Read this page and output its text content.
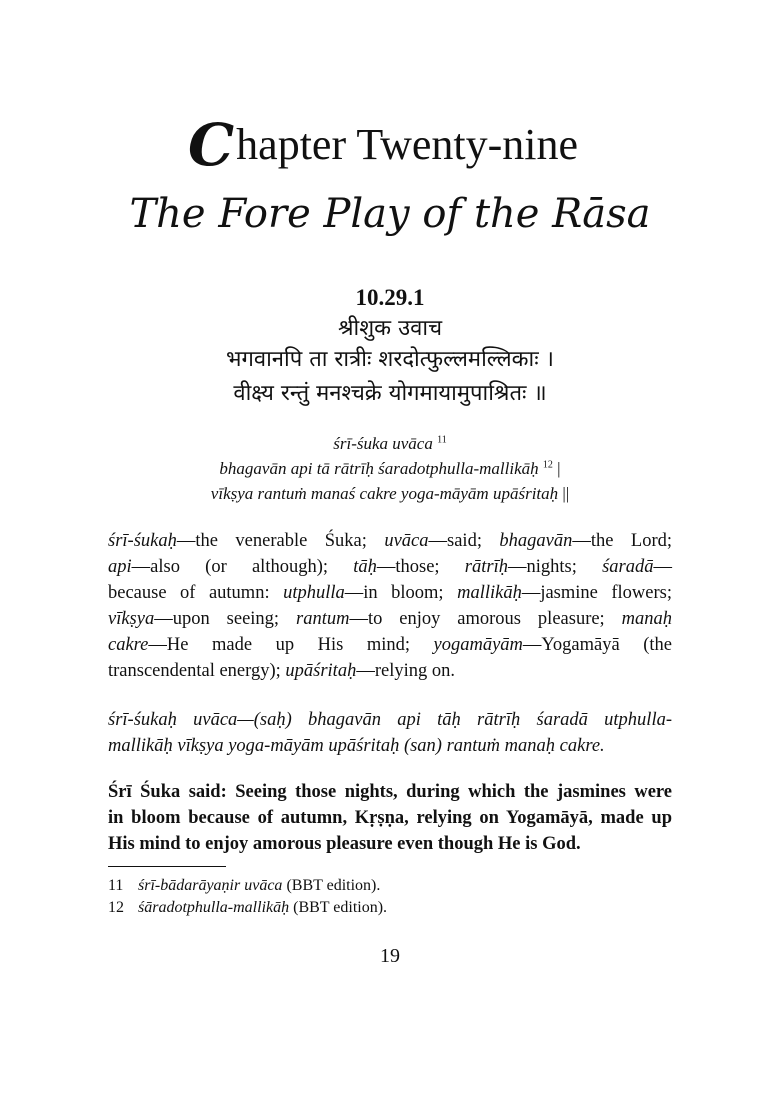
Chapter Twenty-nine
The Fore Play of the Rāsa
10.29.1
श्रीशुक उवाच
भगवानपि ता रात्रीः शरदोत्फुल्लमल्लिकाः ।
वीक्ष्य रन्तुं मनश्चक्रे योगमायामुपाश्रितः ॥
śrī-śuka uvāca $^{11}$
bhagavān api tā rātrīḥ śaradotphulla-mallikāḥ $^{12}$ |
vīkṣya rantuṁ manaś cakre yoga-māyām upāśritaḥ ||
śrī-śukaḥ—the venerable Śuka; uvāca—said; bhagavān—the Lord;
api—also (or although); tāḥ—those; rātrīḥ—nights; śaradā—
because of autumn: utphulla—in bloom; mallikāḥ—jasmine flowers;
vīkṣya—upon seeing; rantum—to enjoy amorous pleasure; manaḥ
cakre—He made up His mind; yogamāyām—Yogamāyā (the
transcendental energy); upāśritaḥ—relying on.
śrī-śukaḥ uvāca—(saḥ) bhagavān api tāḥ rātrīḥ śaradā utphulla-
mallikāḥ vīkṣya yoga-māyām upāśritaḥ (san) rantuṁ manaḥ cakre.
Śrī Śuka said: Seeing those nights, during which the jasmines were
in bloom because of autumn, Kṛṣṇa, relying on Yogamāyā, made up
His mind to enjoy amorous pleasure even though He is God.
11 śrī-bādarāyaṇir uvāca (BBT edition).
12 śāradotphulla-mallikāḥ (BBT edition).
19
